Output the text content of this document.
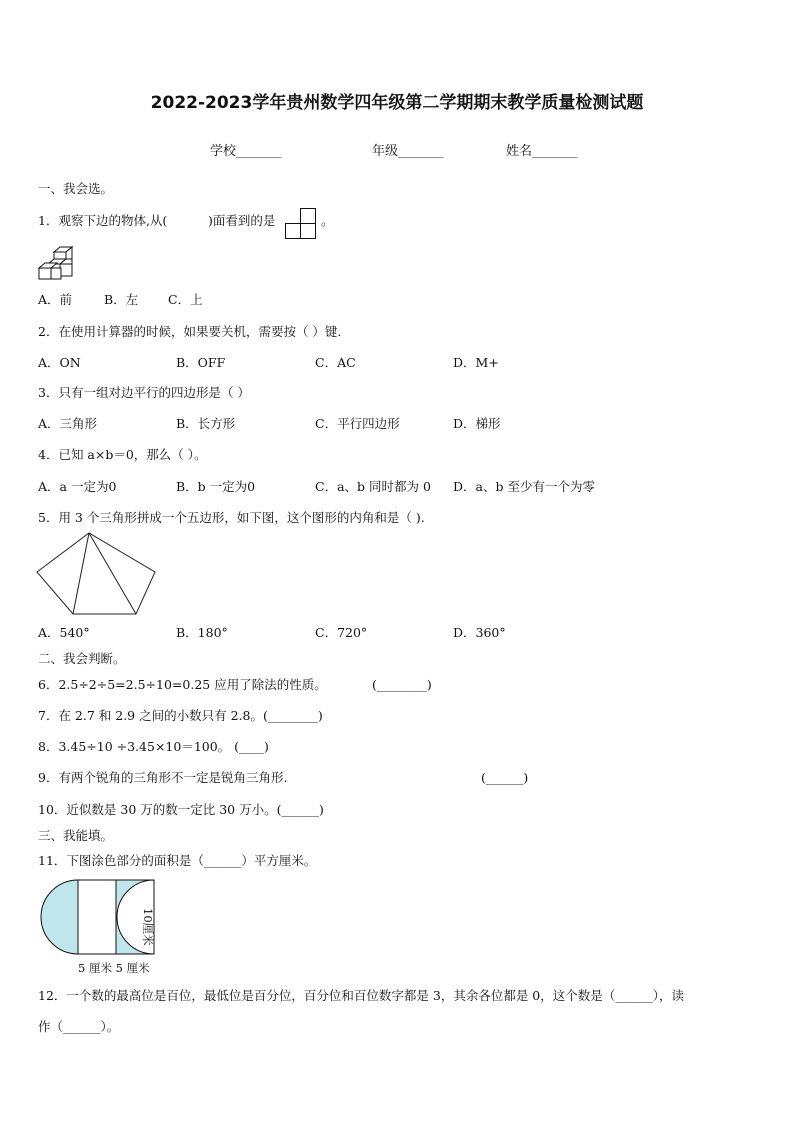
2022-2023学年贵州数学四年级第二学期期末教学质量检测试题
学校_______	年级_______	姓名_______
一、我会选。
1．观察下边的物体,从(	)面看到的是	。
A．前	B．左 C．上
2．在使用计算器的时候，如果要关机，需要按（ ）键.
A．ON	B．OFF	C．AC	D．M+
3．只有一组对边平行的四边形是（ ）
A．三角形	B．长方形	C．平行四边形	D．梯形
4．已知 a×b＝0，那么（ ）。
A．a 一定为0	B．b 一定为0	C．a、b 同时都为 0 D．a、b 至少有一个为零
5．用 3 个三角形拼成一个五边形，如下图，这个图形的内角和是（ ).
A．540°	B．180°	C．720°	D．360°
二、我会判断。
6．2.5÷2÷5=2.5÷10=0.25 应用了除法的性质。	(________)
7．在 2.7 和 2.9 之间的小数只有 2.8。(________)
8．3.45÷10 ÷3.45×10＝100。 (____)
9．有两个锐角的三角形不一定是锐角三角形.	(______)
10．近似数是 30 万的数一定比 30 万小。(______)
三、我能填。
11．下图涂色部分的面积是（______）平方厘米。
10厘米
5 厘米 5 厘米
12．一个数的最高位是百位，最低位是百分位，百分位和百位数字都是 3，其余各位都是 0，这个数是（______），读
作（______）。
